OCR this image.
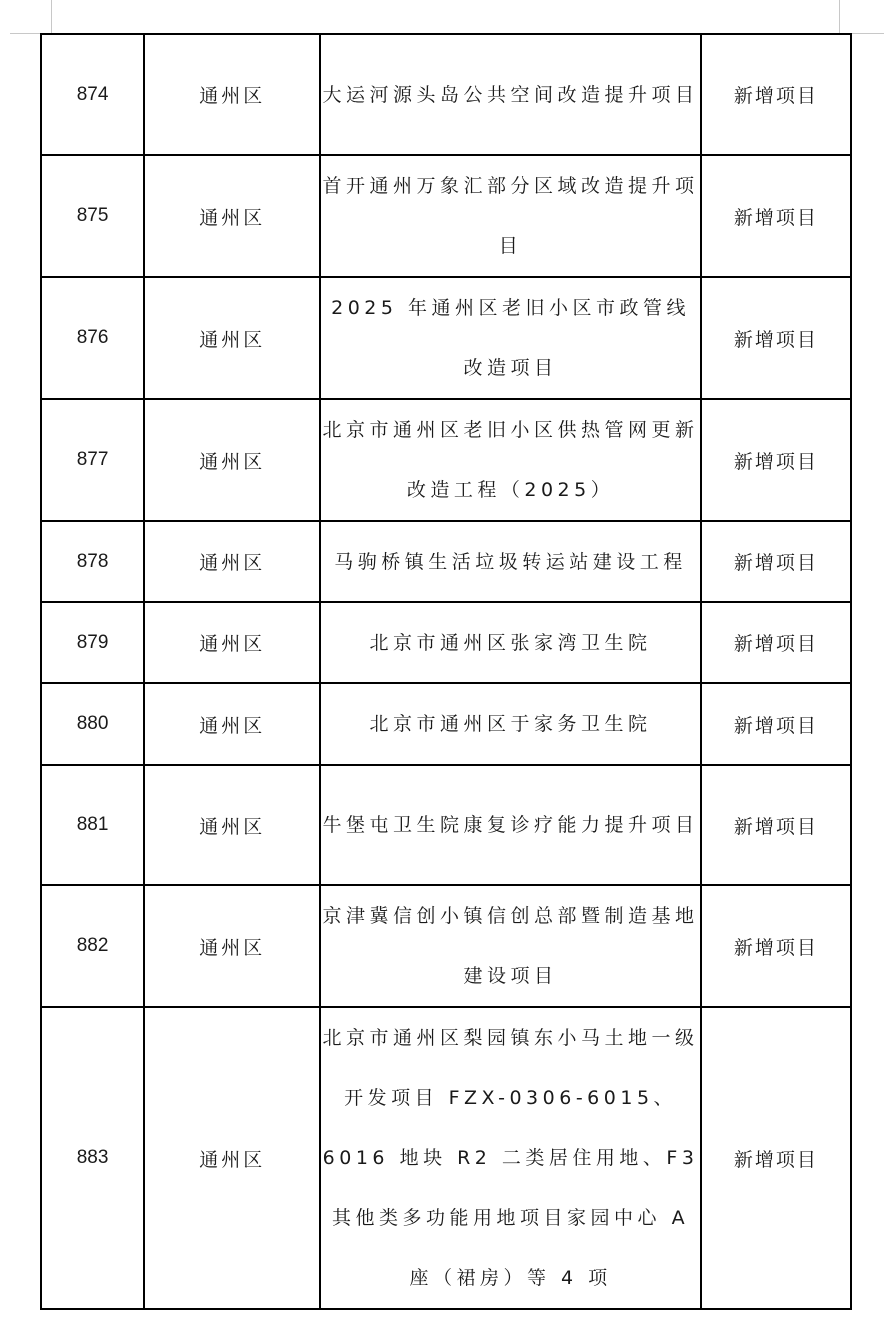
874	通州区	大运河源头岛公共空间改造提升项目	新增项目
875	通州区	首开通州万象汇部分区域改造提升项目	新增项目
876	通州区	2025 年通州区老旧小区市政管线改造项目	新增项目
877	通州区	北京市通州区老旧小区供热管网更新改造工程（2025）	新增项目
878	通州区	马驹桥镇生活垃圾转运站建设工程	新增项目
879	通州区	北京市通州区张家湾卫生院	新增项目
880	通州区	北京市通州区于家务卫生院	新增项目
881	通州区	牛堡屯卫生院康复诊疗能力提升项目	新增项目
882	通州区	京津冀信创小镇信创总部暨制造基地建设项目	新增项目
883	通州区	北京市通州区梨园镇东小马土地一级开发项目 FZX-0306-6015、6016 地块 R2 二类居住用地、F3 其他类多功能用地项目家园中心 A 座（裙房）等 4 项	新增项目
